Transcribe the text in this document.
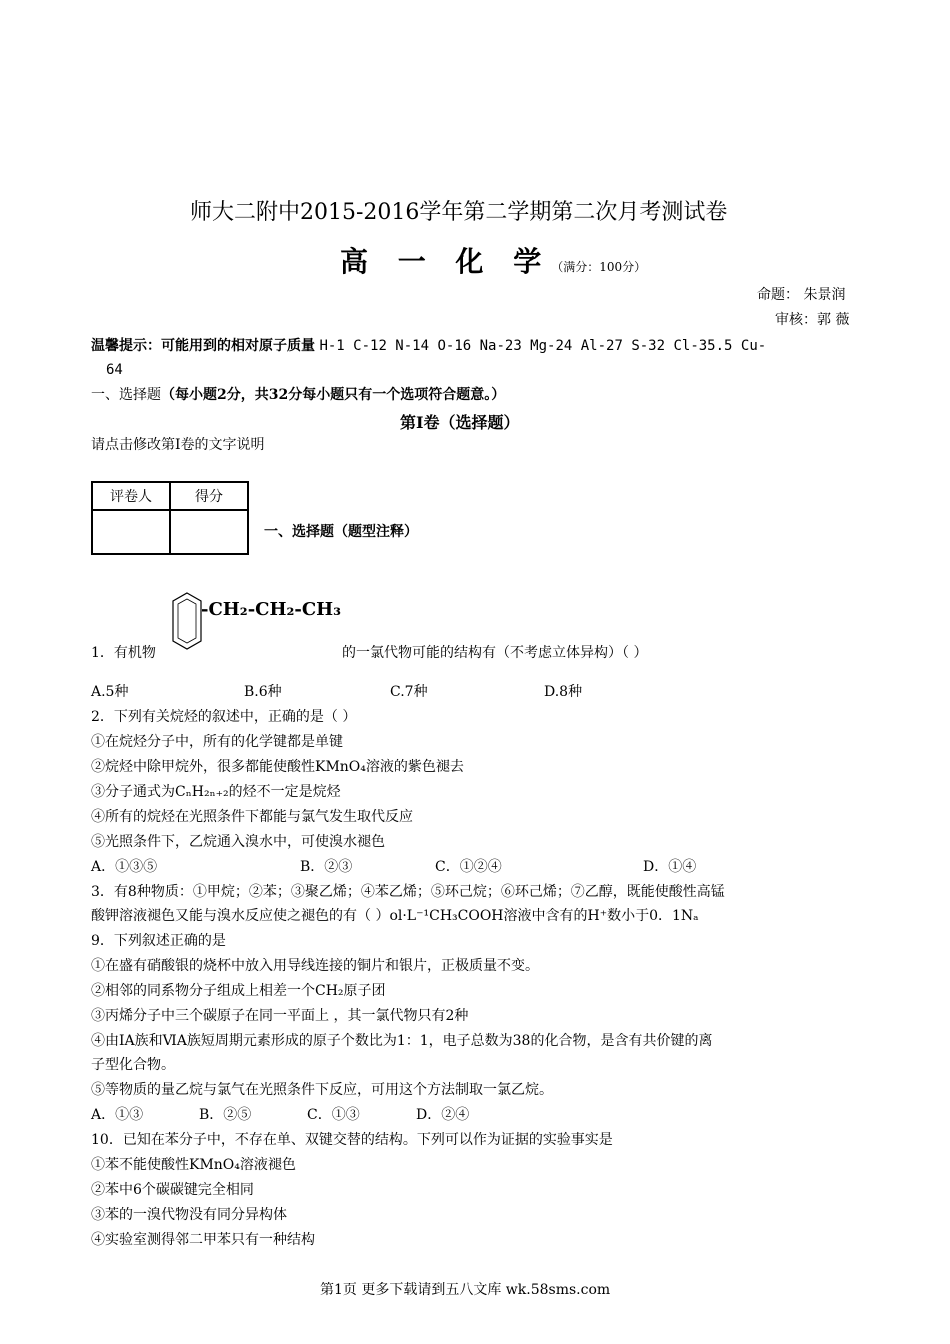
师大二附中2015-2016学年第二学期第二次月考测试卷
高 一 化 学（满分：100分）
命题： 朱景润
审核：郭 薇
温馨提示：可能用到的相对原子质量 H-1 C-12 N-14 O-16 Na-23 Mg-24 Al-27 S-32 Cl-35.5 Cu-
64
一、选择题（每小题2分，共32分每小题只有一个选项符合题意。）
第I卷（选择题）
请点击修改第I卷的文字说明
评卷人	得分

一、选择题（题型注释）
-CH₂-CH₂-CH₃
1．有机物	的一氯代物可能的结构有（不考虑立体异构）（ ）
A.5种	B.6种	C.7种	D.8种
2．下列有关烷烃的叙述中，正确的是（ ）
①在烷烃分子中，所有的化学键都是单键
②烷烃中除甲烷外，很多都能使酸性KMnO₄溶液的紫色褪去
③分子通式为CₙH₂ₙ₊₂的烃不一定是烷烃
④所有的烷烃在光照条件下都能与氯气发生取代反应
⑤光照条件下，乙烷通入溴水中，可使溴水褪色
A．①③⑤	B．②③	C．①②④	D．①④
3．有8种物质：①甲烷；②苯；③聚乙烯；④苯乙烯；⑤环己烷；⑥环己烯；⑦乙醇，既能使酸性高锰
酸钾溶液褪色又能与溴水反应使之褪色的有（ ）ol·L⁻¹CH₃COOH溶液中含有的H⁺数小于0．1Nₐ
9．下列叙述正确的是
①在盛有硝酸银的烧杯中放入用导线连接的铜片和银片，正极质量不变。
②相邻的同系物分子组成上相差一个CH₂原子团
③丙烯分子中三个碳原子在同一平面上 ，其一氯代物只有2种
④由ⅠA族和ⅥA族短周期元素形成的原子个数比为1：1，电子总数为38的化合物，是含有共价键的离
子型化合物。
⑤等物质的量乙烷与氯气在光照条件下反应，可用这个方法制取一氯乙烷。
A．①③	B．②⑤	C．①③	D．②④
10．已知在苯分子中，不存在单、双键交替的结构。下列可以作为证据的实验事实是
①苯不能使酸性KMnO₄溶液褪色
②苯中6个碳碳键完全相同
③苯的一溴代物没有同分异构体
④实验室测得邻二甲苯只有一种结构
第1页 更多下载请到五八文库 wk.58sms.com
